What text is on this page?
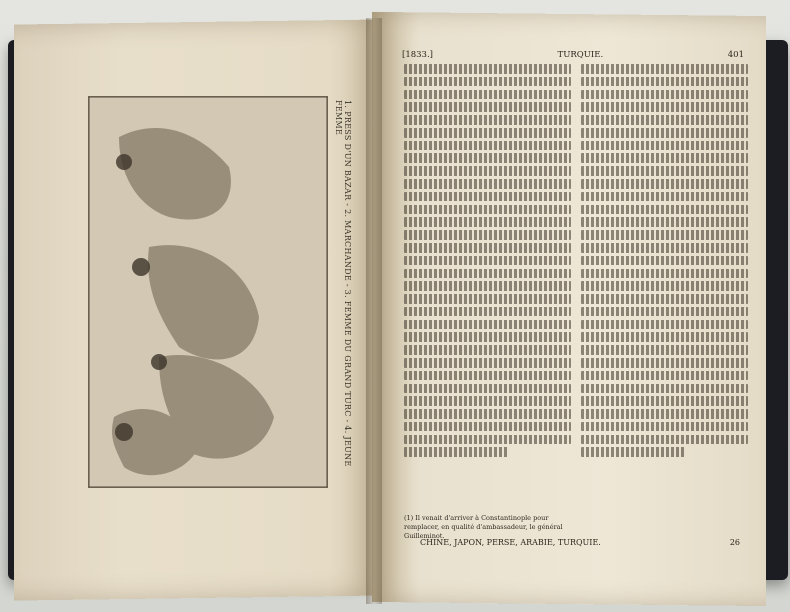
1. PRESS D'UN BAZAR - 2. MARCHANDE - 3. FEMME DU GRAND TURC - 4. JEUNE FEMME
[1833.]	TURQUIE.	401
(1) Il venait d'arriver à Constantinople pour remplacer, en qualité d'ambassadeur, le général Guilleminot.
CHINE, JAPON, PERSE, ARABIE, TURQUIE.	26
